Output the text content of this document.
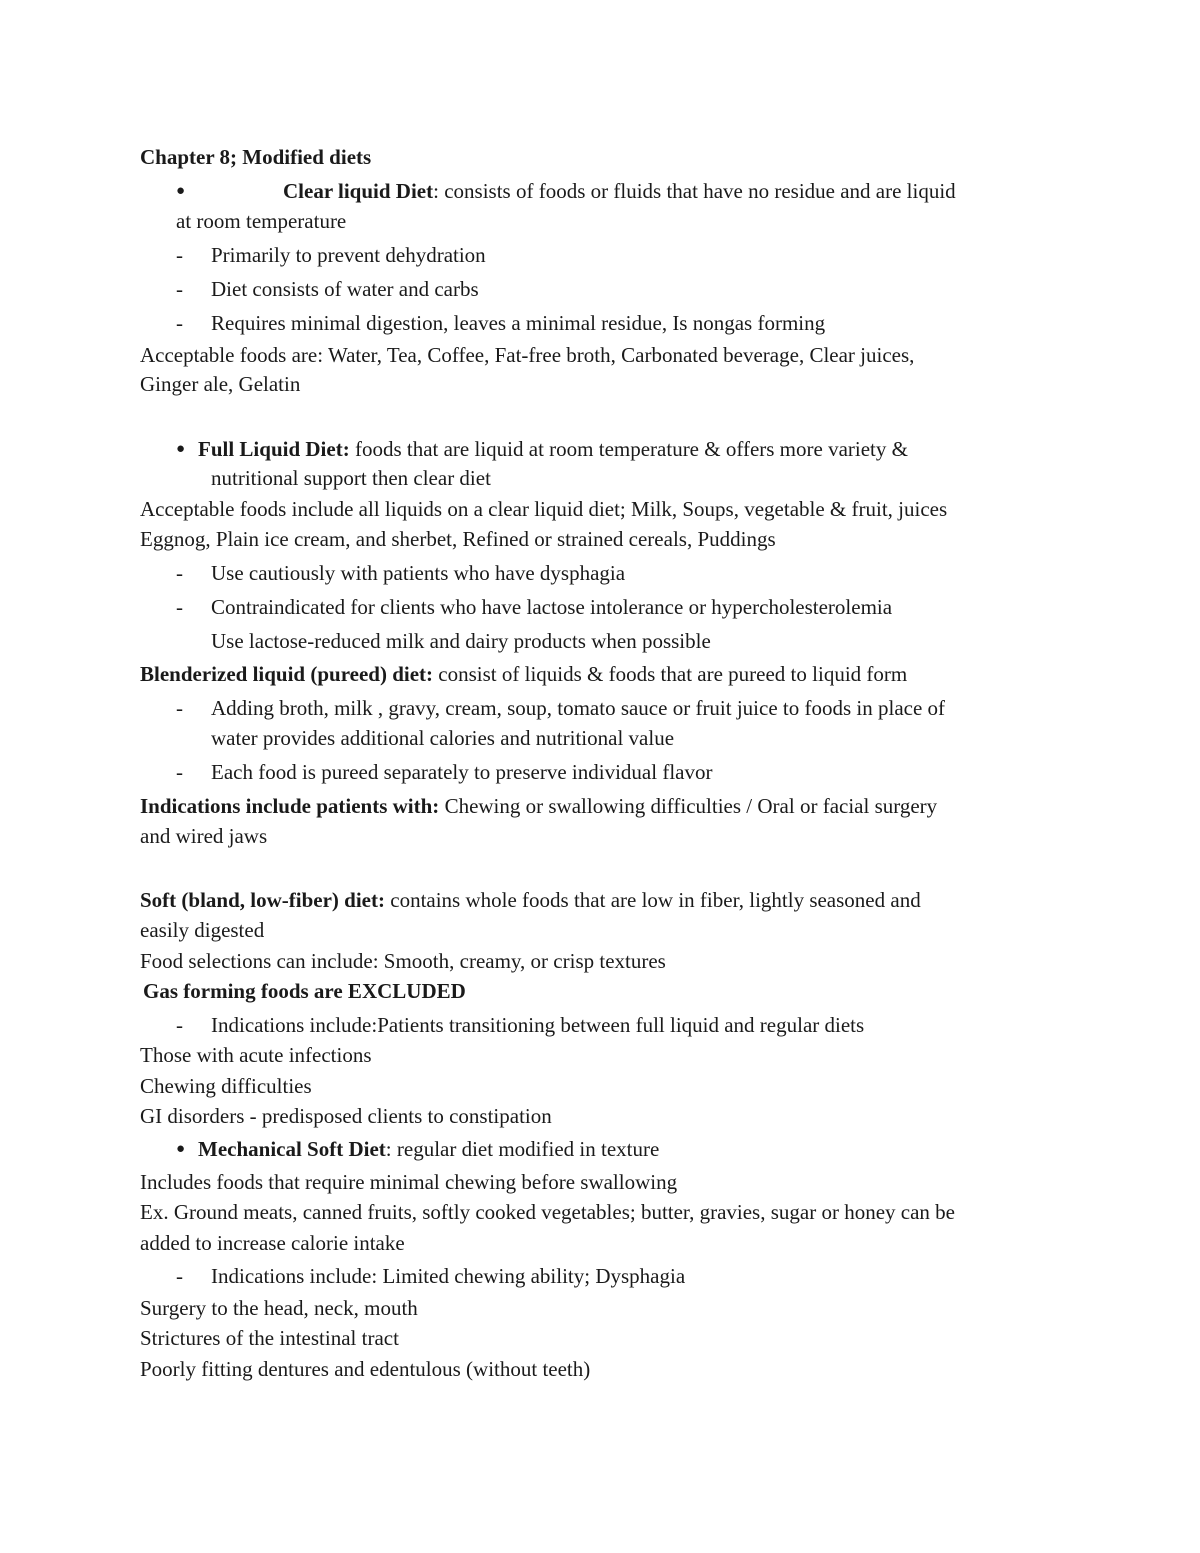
Chapter 8; Modified diets
●	Clear liquid Diet: consists of foods or fluids that have no residue and are liquid
at room temperature
- Primarily to prevent dehydration
- Diet consists of water and carbs
- Requires minimal digestion, leaves a minimal residue, Is nongas forming
Acceptable foods are: Water, Tea, Coffee, Fat-free broth, Carbonated beverage, Clear juices,
Ginger ale, Gelatin
● Full Liquid Diet: foods that are liquid at room temperature & offers more variety &
nutritional support then clear diet
Acceptable foods include all liquids on a clear liquid diet; Milk, Soups, vegetable & fruit, juices
Eggnog, Plain ice cream, and sherbet, Refined or strained cereals, Puddings
- Use cautiously with patients who have dysphagia
- Contraindicated for clients who have lactose intolerance or hypercholesterolemia
Use lactose-reduced milk and dairy products when possible
Blenderized liquid (pureed) diet: consist of liquids & foods that are pureed to liquid form
- Adding broth, milk , gravy, cream, soup, tomato sauce or fruit juice to foods in place of
water provides additional calories and nutritional value
- Each food is pureed separately to preserve individual flavor
Indications include patients with: Chewing or swallowing difficulties / Oral or facial surgery
and wired jaws
Soft (bland, low-fiber) diet: contains whole foods that are low in fiber, lightly seasoned and
easily digested
Food selections can include: Smooth, creamy, or crisp textures
Gas forming foods are EXCLUDED
- Indications include:Patients transitioning between full liquid and regular diets
Those with acute infections
Chewing difficulties
GI disorders - predisposed clients to constipation
● Mechanical Soft Diet: regular diet modified in texture
Includes foods that require minimal chewing before swallowing
Ex. Ground meats, canned fruits, softly cooked vegetables; butter, gravies, sugar or honey can be
added to increase calorie intake
- Indications include: Limited chewing ability; Dysphagia
Surgery to the head, neck, mouth
Strictures of the intestinal tract
Poorly fitting dentures and edentulous (without teeth)
